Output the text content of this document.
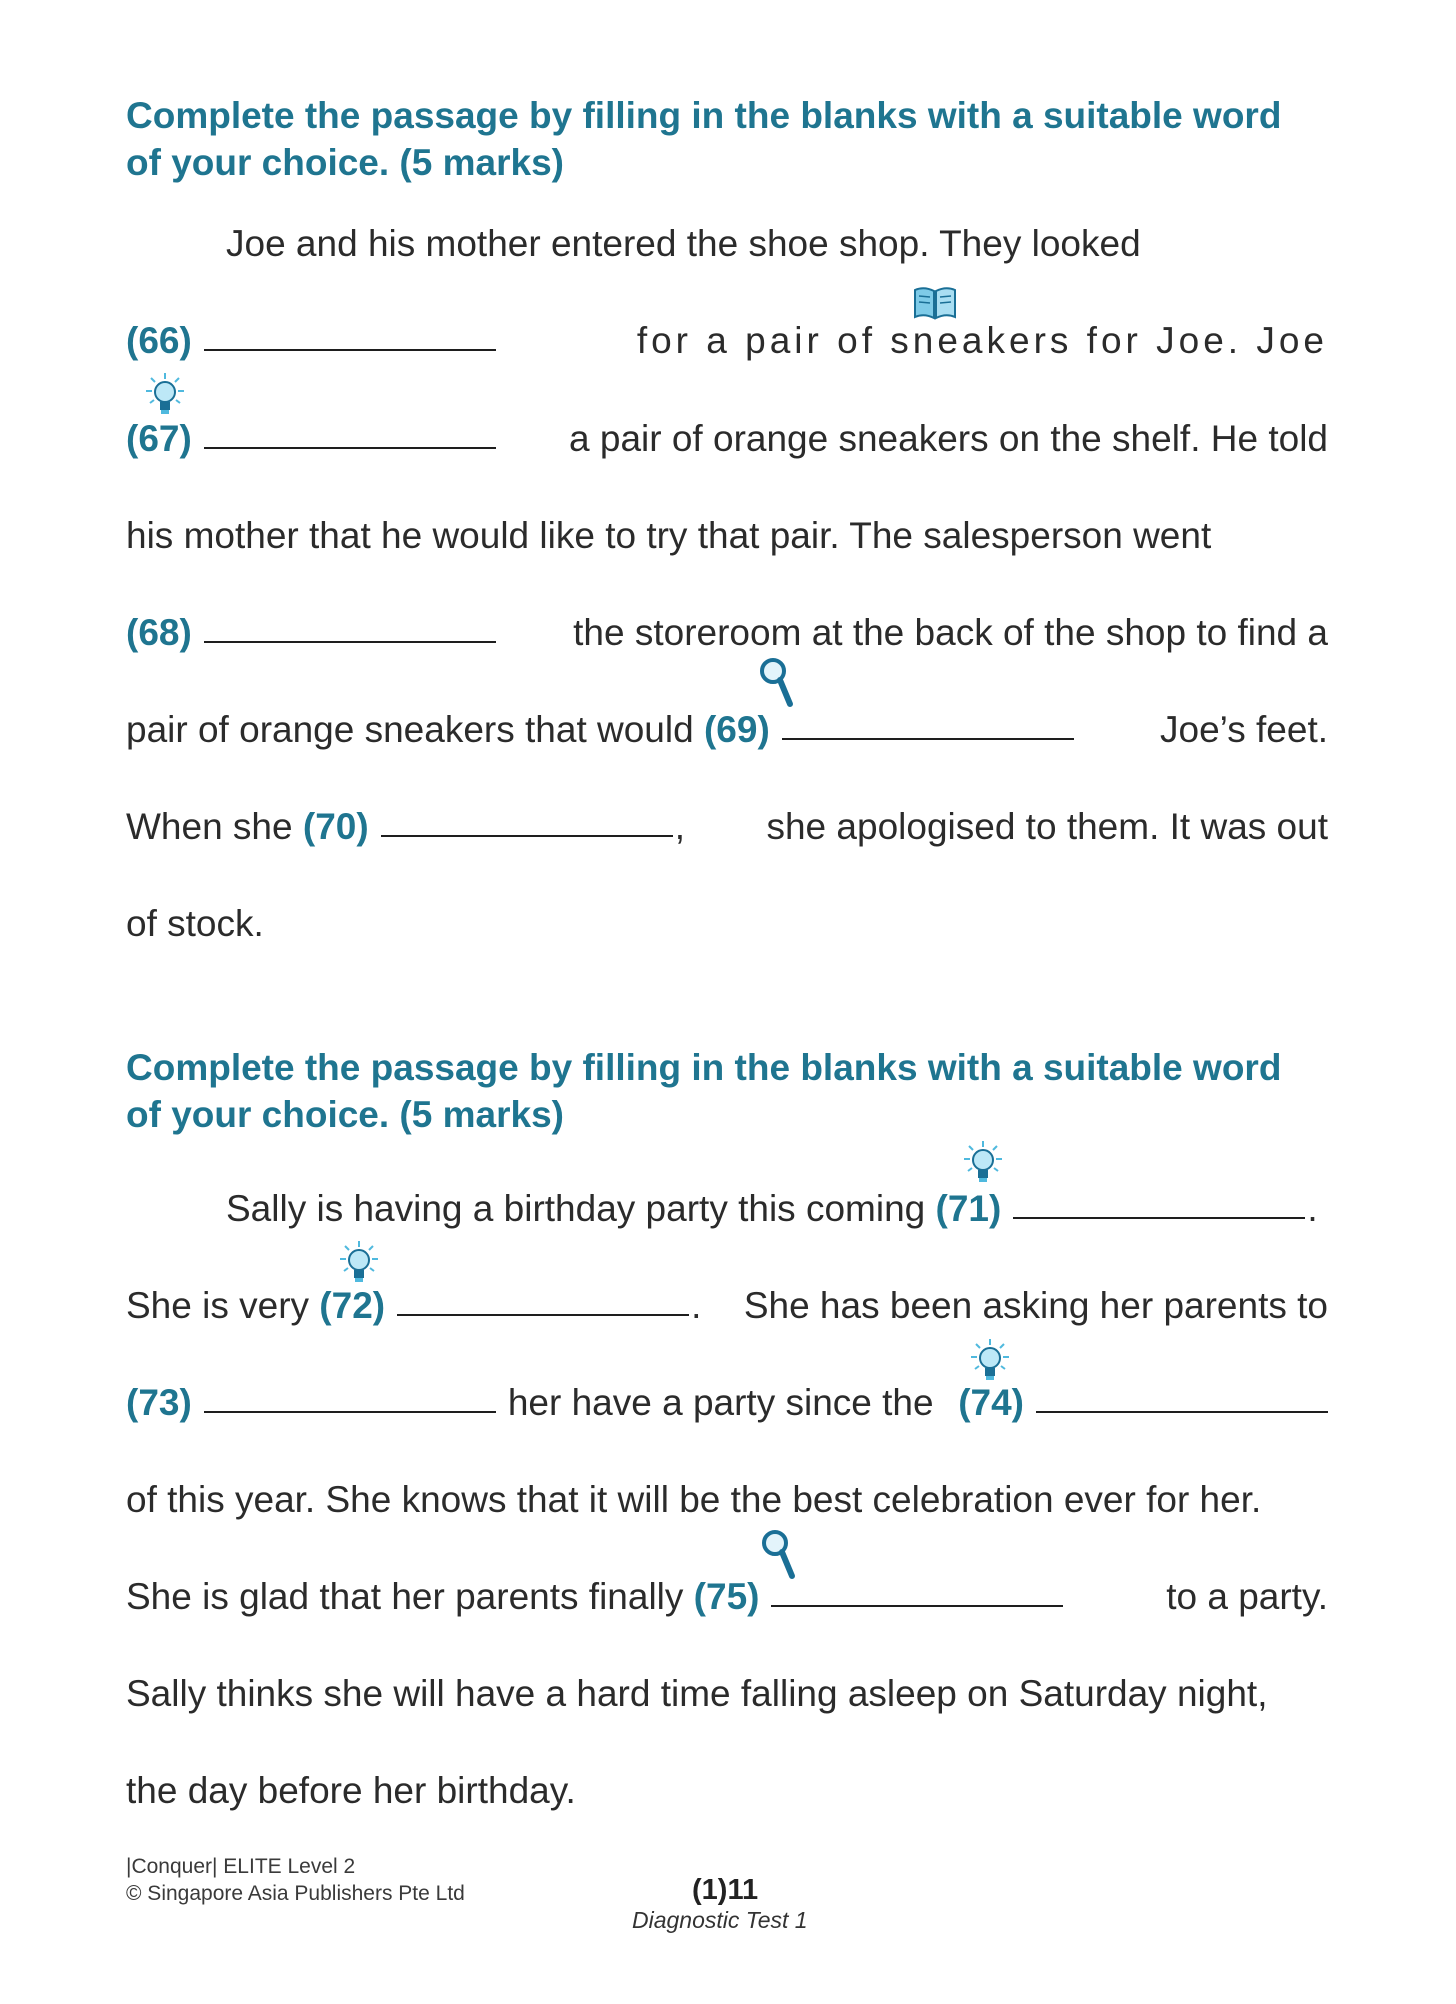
Complete the passage by filling in the blanks with a suitable word
of your choice. (5 marks)
Joe and his mother entered the shoe shop. They looked
(66)	for a pair of sneakers for Joe. Joe
(67)	a pair of orange sneakers on the shelf. He told
his mother that he would like to try that pair. The salesperson went
(68)	the storeroom at the back of the shop to find a
pair of orange sneakers that would (69)	Joe’s feet.
When she (70)	, she apologised to them. It was out
of stock.
Complete the passage by filling in the blanks with a suitable word
of your choice. (5 marks)
Sally is having a birthday party this coming
(71)	.
She is very (72)	. She has been asking her parents to
(73)	her have a party since the (74)
of this year. She knows that it will be the best celebration ever for her.
She is glad that her parents finally (75)	to a party.
Sally thinks she will have a hard time falling asleep on Saturday night,
the day before her birthday.
|Conquer| ELITE Level 2
© Singapore Asia Publishers Pte Ltd	(1)11
Diagnostic Test 1
